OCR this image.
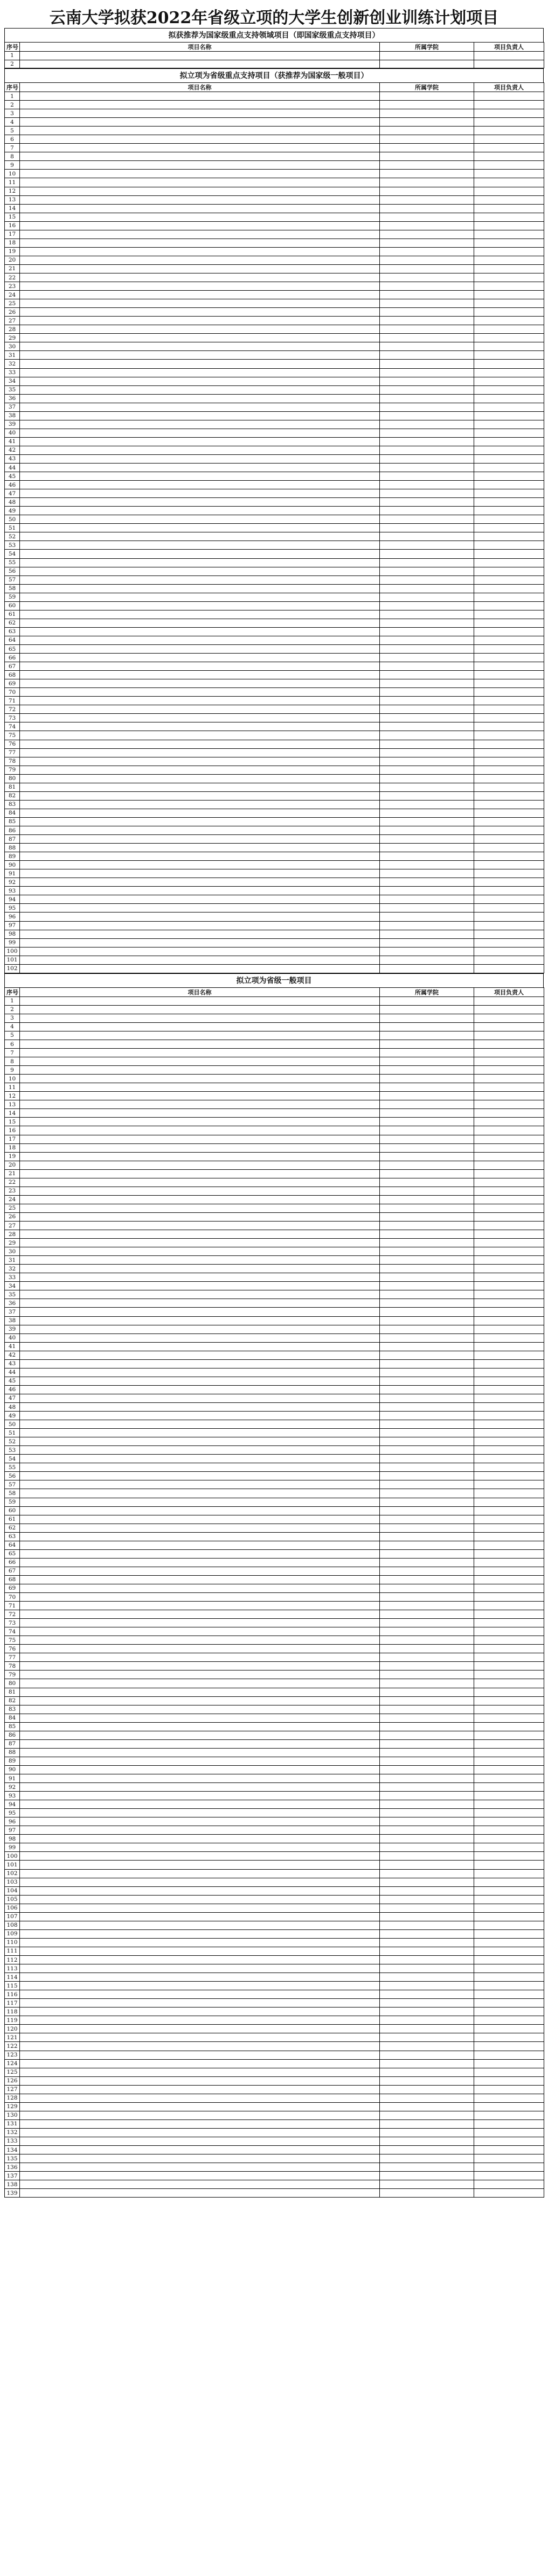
云南大学拟获2022年省级立项的大学生创新创业训练计划项目
拟获推荐为国家级重点支持领域项目（即国家级重点支持项目）
序号	项目名称	所属学院	项目负责人
1			
2			
拟立项为省级重点支持项目（获推荐为国家级一般项目）
序号	项目名称	所属学院	项目负责人
1			
2			
3			
4			
5			
6			
7			
8			
9			
10			
11			
12			
13			
14			
15			
16			
17			
18			
19			
20			
21			
22			
23			
24			
25			
26			
27			
28			
29			
30			
31			
32			
33			
34			
35			
36			
37			
38			
39			
40			
41			
42			
43			
44			
45			
46			
47			
48			
49			
50			
51			
52			
53			
54			
55			
56			
57			
58			
59			
60			
61			
62			
63			
64			
65			
66			
67			
68			
69			
70			
71			
72			
73			
74			
75			
76			
77			
78			
79			
80			
81			
82			
83			
84			
85			
86			
87			
88			
89			
90			
91			
92			
93			
94			
95			
96			
97			
98			
99			
100			
101			
102			
拟立项为省级一般项目
序号	项目名称	所属学院	项目负责人
1			
2			
3			
4			
5			
6			
7			
8			
9			
10			
11			
12			
13			
14			
15			
16			
17			
18			
19			
20			
21			
22			
23			
24			
25			
26			
27			
28			
29			
30			
31			
32			
33			
34			
35			
36			
37			
38			
39			
40			
41			
42			
43			
44			
45			
46			
47			
48			
49			
50			
51			
52			
53			
54			
55			
56			
57			
58			
59			
60			
61			
62			
63			
64			
65			
66			
67			
68			
69			
70			
71			
72			
73			
74			
75			
76			
77			
78			
79			
80			
81			
82			
83			
84			
85			
86			
87			
88			
89			
90			
91			
92			
93			
94			
95			
96			
97			
98			
99			
100			
101			
102			
103			
104			
105			
106			
107			
108			
109			
110			
111			
112			
113			
114			
115			
116			
117			
118			
119			
120			
121			
122			
123			
124			
125			
126			
127			
128			
129			
130			
131			
132			
133			
134			
135			
136			
137			
138			
139			
